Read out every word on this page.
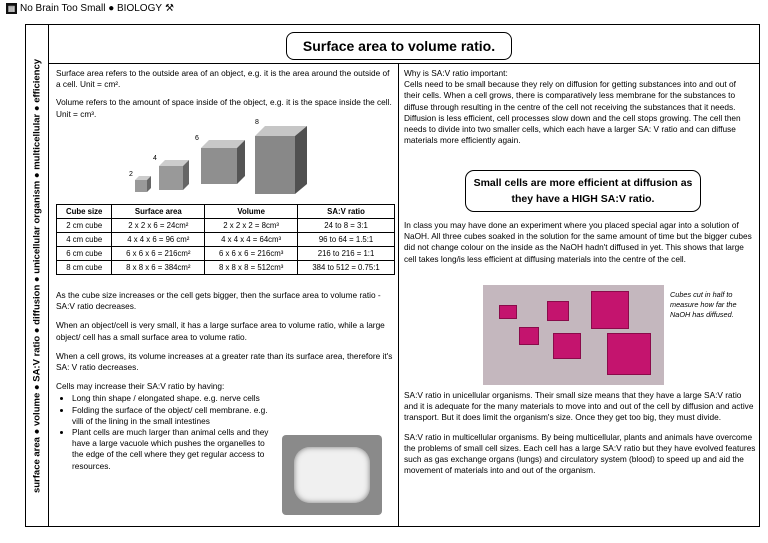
▦ No Brain Too Small ● BIOLOGY ⚒
surface area ● volume ● SA:V ratio ● diffusion ● unicellular organism ● multicellular ● efficiency
Surface area to volume ratio.

Surface area refers to the outside area of an object, e.g. it is the area around the outside of a cell. Unit = cm².

Volume refers to the amount of space inside of the object, e.g. it is the space inside the cell. Unit = cm³.

2
4
6
8
Cube size	Surface area	Volume	SA:V ratio
2 cm cube	2 x 2 x 6 = 24cm²	2 x 2 x 2 = 8cm³	24 to 8 = 3:1
4 cm cube	4 x 4 x 6 = 96 cm²	4 x 4 x 4 = 64cm³	96 to 64 = 1.5:1
6 cm cube	6 x 6 x 6 = 216cm²	6 x 6 x 6 = 216cm³	216 to 216 = 1:1
8 cm cube	8 x 8 x 6 = 384cm²	8 x 8 x 8 = 512cm³	384 to 512 = 0.75:1

As the cube size increases or the cell gets bigger, then the surface area to volume ratio - SA:V ratio decreases.

When an object/cell is very small, it has a large surface area to volume ratio, while a large object/ cell has a small surface area to volume ratio.

When a cell grows, its volume increases at a greater rate than its surface area, therefore it's SA: V ratio decreases.

Cells may increase their SA:V ratio by having:

• Long thin shape / elongated shape. e.g. nerve cells
• Folding the surface of the object/ cell membrane. e.g. villi of the lining in the small intestines
• Plant cells are much larger than animal cells and they have a large vacuole which pushes the organelles to the edge of the cell where they get regular access to resources.
Why is SA:V ratio important:

Cells need to be small because they rely on diffusion for getting substances into and out of their cells. When a cell grows, there is comparatively less membrane for the substances to diffuse through resulting in the centre of the cell not receiving the substances that it needs. Diffusion is less efficient, cell processes slow down and the cell stops growing. The cell then needs to divide into two smaller cells, which each have a larger SA: V ratio and can diffuse materials more efficiently again.

Small cells are more efficient at diffusion as they have a HIGH SA:V ratio.

In class you may have done an experiment where you placed special agar into a solution of NaOH. All three cubes soaked in the solution for the same amount of time but the bigger cubes did not change colour on the inside as the NaOH hadn't diffused in yet. This shows that large cell takes long/is less efficient at diffusing materials into the centre of the cell.

Cubes cut in half to measure how far the NaOH has diffused.

SA:V ratio in unicellular organisms. Their small size means that they have a large SA:V ratio and it is adequate for the many materials to move into and out of the cell by diffusion and active transport. But it does limit the organism's size. Once they get too big, they must divide.

SA:V ratio in multicellular organisms. By being multicellular, plants and animals have overcome the problems of small cell sizes. Each cell has a large SA:V ratio but they have evolved features such as gas exchange organs (lungs) and circulatory system (blood) to speed up and aid the movement of materials into and out of the organism.
